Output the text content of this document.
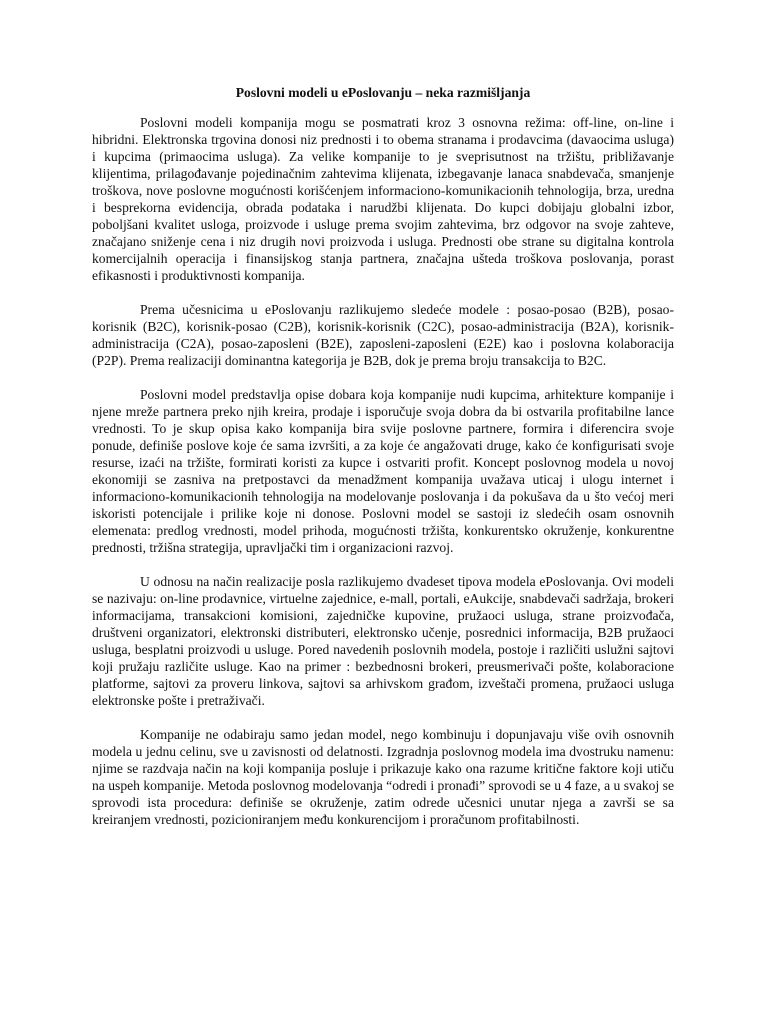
Poslovni modeli u ePoslovanju – neka razmišljanja

Poslovni modeli kompanija mogu se posmatrati kroz 3 osnovna režima: off-line, on-line i hibridni. Elektronska trgovina donosi niz prednosti i to obema stranama i prodavcima (davaocima usluga) i kupcima (primaocima usluga). Za velike kompanije to je sveprisutnost na tržištu, približavanje klijentima, prilagođavanje pojedinačnim zahtevima klijenata, izbegavanje lanaca snabdevača, smanjenje troškova, nove poslovne mogućnosti korišćenjem informaciono-komunikacionih tehnologija, brza, uredna i besprekorna evidencija, obrada podataka i narudžbi klijenata. Do kupci dobijaju globalni izbor, poboljšani kvalitet usloga, proizvode i usluge prema svojim zahtevima, brz odgovor na svoje zahteve, značajano sniženje cena i niz drugih novi proizvoda i usluga. Prednosti obe strane su digitalna kontrola komercijalnih operacija i finansijskog stanja partnera, značajna ušteda troškova poslovanja, porast efikasnosti i produktivnosti kompanija.

Prema učesnicima u ePoslovanju razlikujemo sledeće modele : posao-posao (B2B), posao-korisnik (B2C), korisnik-posao (C2B), korisnik-korisnik (C2C), posao-administracija (B2A), korisnik-administracija (C2A), posao-zaposleni (B2E), zaposleni-zaposleni (E2E) kao i poslovna kolaboracija (P2P). Prema realizaciji dominantna kategorija je B2B, dok je prema broju transakcija to B2C.

Poslovni model predstavlja opise dobara koja kompanije nudi kupcima, arhitekture kompanije i njene mreže partnera preko njih kreira, prodaje i isporučuje svoja dobra da bi ostvarila profitabilne lance vrednosti. To je skup opisa kako kompanija bira svije poslovne partnere, formira i diferencira svoje ponude, definiše poslove koje će sama izvršiti, a za koje će angažovati druge, kako će konfigurisati svoje resurse, izaći na tržište, formirati koristi za kupce i ostvariti profit. Koncept poslovnog modela u novoj ekonomiji se zasniva na pretpostavci da menadžment kompanija uvažava uticaj i ulogu internet i informaciono-komunikacionih tehnologija na modelovanje poslovanja i da pokušava da u što većoj meri iskoristi potencijale i prilike koje ni donose. Poslovni model se sastoji iz sledećih osam osnovnih elemenata: predlog vrednosti, model prihoda, mogućnosti tržišta, konkurentsko okruženje, konkurentne prednosti, tržišna strategija, upravljački tim i organizacioni razvoj.

U odnosu na način realizacije posla razlikujemo dvadeset tipova modela ePoslovanja. Ovi modeli se nazivaju: on-line prodavnice, virtuelne zajednice, e-mall, portali, eAukcije, snabdevači sadržaja, brokeri informacijama, transakcioni komisioni, zajedničke kupovine, pružaoci usluga, strane proizvođača, društveni organizatori, elektronski distributeri, elektronsko učenje, posrednici informacija, B2B pružaoci usluga, besplatni proizvodi u usluge. Pored navedenih poslovnih modela, postoje i različiti uslužni sajtovi koji pružaju različite usluge. Kao na primer : bezbednosni brokeri, preusmerivači pošte, kolaboracione platforme, sajtovi za proveru linkova, sajtovi sa arhivskom građom, izveštači promena, pružaoci usluga elektronske pošte i pretraživači.

Kompanije ne odabiraju samo jedan model, nego kombinuju i dopunjavaju više ovih osnovnih modela u jednu celinu, sve u zavisnosti od delatnosti. Izgradnja poslovnog modela ima dvostruku namenu: njime se razdvaja način na koji kompanija posluje i prikazuje kako ona razume kritične faktore koji utiču na uspeh kompanije. Metoda poslovnog modelovanja “odredi i pronađi” sprovodi se u 4 faze, a u svakoj se sprovodi ista procedura: definiše se okruženje, zatim odrede učesnici unutar njega a završi se sa kreiranjem vrednosti, pozicioniranjem među konkurencijom i proračunom profitabilnosti.
